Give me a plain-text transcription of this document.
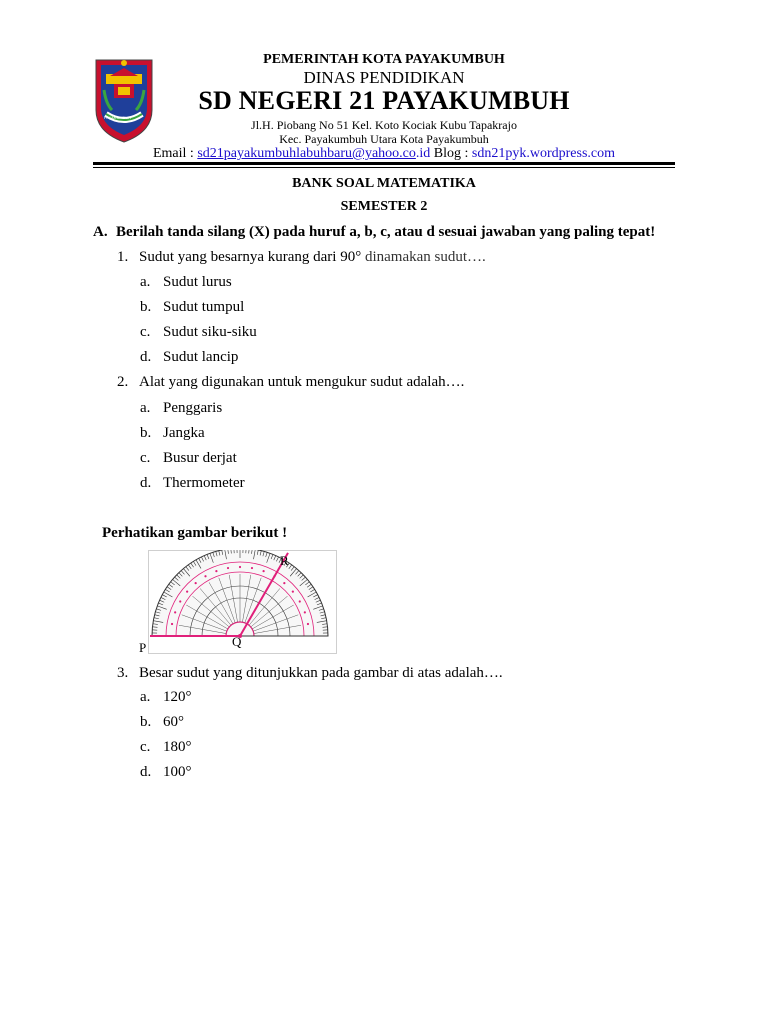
PAYAKUMBUH
PEMERINTAH KOTA PAYAKUMBUH
DINAS PENDIDIKAN
SD NEGERI 21 PAYAKUMBUH
Jl.H. Piobang No 51 Kel. Koto Kociak Kubu Tapakrajo
Kec. Payakumbuh Utara Kota Payakumbuh
Email : sd21payakumbuhlabuhbaru@yahoo.co.id Blog : sdn21pyk.wordpress.com
BANK SOAL MATEMATIKA
SEMESTER 2
A. Berilah tanda silang (X) pada huruf a, b, c, atau d sesuai jawaban yang paling tepat!
1. Sudut yang besarnya kurang dari 90° dinamakan sudut….
a. Sudut lurus
b. Sudut tumpul
c. Sudut siku-siku
d. Sudut lancip
2. Alat yang digunakan untuk mengukur sudut adalah….
a. Penggaris
b. Jangka
c. Busur derjat
d. Thermometer
Perhatikan gambar berikut !
P	Q
R
3. Besar sudut yang ditunjukkan pada gambar di atas adalah….
a. 120°
b. 60°
c. 180°
d. 100°
